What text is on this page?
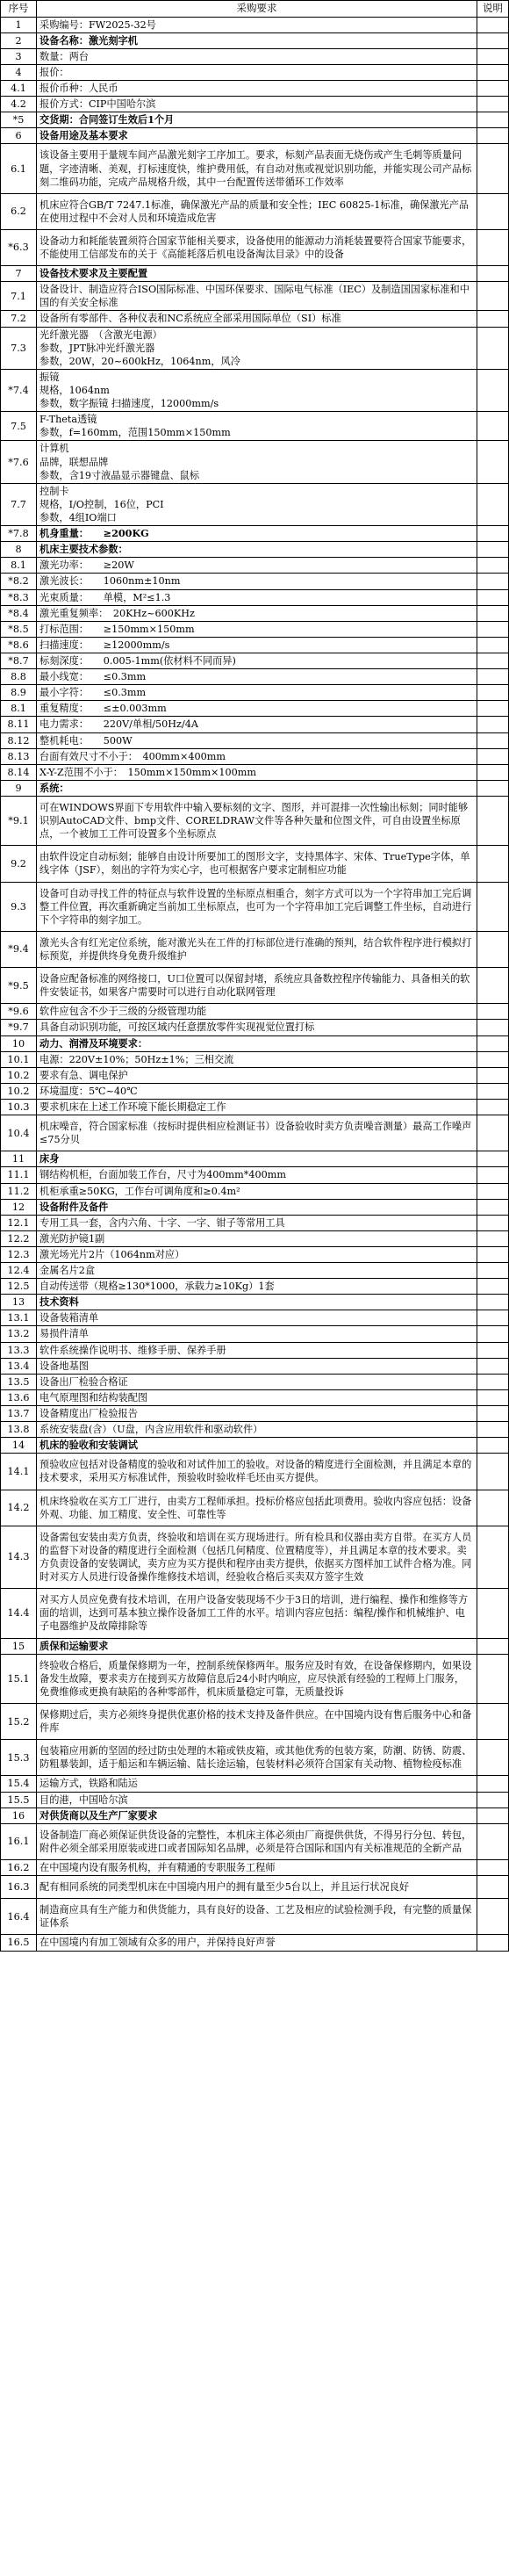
序号	采购要求	说明
1	采购编号：FW2025-32号	
2	设备名称：激光刻字机	
3	数量：两台	
4	报价：	
4.1	报价币种：人民币	
4.2	报价方式：CIP中国哈尔滨	
*5	交货期：合同签订生效后1个月	
6	设备用途及基本要求	
6.1	该设备主要用于量规车间产品激光刻字工序加工。要求，标刻产品表面无烧伤或产生毛刺等质量问题，字迹清晰、美观，打标速度快，维护费用低，有自动对焦或视觉识别功能，并能实现公司产品标刻二维码功能，完成产品规格升级，其中一台配置传送带循环工作效率	
6.2	机床应符合GB/T 7247.1标准，确保激光产品的质量和安全性；IEC 60825-1标准，确保激光产品在使用过程中不会对人员和环境造成危害	
*6.3	设备动力和耗能装置须符合国家节能相关要求，设备使用的能源动力消耗装置要符合国家节能要求，不能使用工信部发布的关于《高能耗落后机电设备淘汰目录》中的设备	
7	设备技术要求及主要配置	
7.1	设备设计、制造应符合ISO国际标准、中国环保要求、国际电气标准（IEC）及制造国国家标准和中国的有关安全标准	
7.2	设备所有零部件、各种仪表和NC系统应全部采用国际单位（SI）标准	
7.3	光纤激光器　（含激光电源）
参数，JPT脉冲光纤激光器
参数，20W，20~600kHz，1064nm，风冷	
*7.4	振镜
规格，1064nm
参数，数字振镜 扫描速度，12000mm/s	
7.5	F-Theta透镜
参数，f=160mm，范围150mm×150mm	
*7.6	计算机
品牌，联想品牌
参数，含19寸液晶显示器键盘、鼠标	
7.7	控制卡
规格，I/O控制，16位，PCI
参数，4组IO端口	
*7.8	机身重量：　　≥200KG	
8	机床主要技术参数：	
8.1	激光功率：　　≥20W	
*8.2	激光波长：　　1060nm±10nm	
*8.3	光束质量：　　单模，M²≤1.3	
*8.4	激光重复频率：　20KHz~600KHz	
*8.5	打标范围：　　≥150mm×150mm	
*8.6	扫描速度：　　≥12000mm/s	
*8.7	标刻深度：　　0.005-1mm(依材料不同而异)	
8.8	最小线宽：　　≤0.3mm	
8.9	最小字符：　　≤0.3mm	
8.1	重复精度：　　≤±0.003mm	
8.11	电力需求：　　220V/单相/50Hz/4A	
8.12	整机耗电：　　500W	
8.13	台面有效尺寸不小于：　400mm×400mm	
8.14	X-Y-Z范围不小于：　150mm×150mm×100mm	
9	系统：	
*9.1	可在WINDOWS界面下专用软件中输入要标刻的文字、图形，并可混排一次性输出标刻；同时能够识别AutoCAD文件、bmp文件、CORELDRAW文件等各种矢量和位图文件，可自由设置坐标原点，一个被加工工件可设置多个坐标原点	
9.2	由软件设定自动标刻；能够自由设计所要加工的图形文字，支持黑体字、宋体、TrueType字体，单线字体（JSF），刻出的字符为实心字，也可根据客户要求定制相应功能	
9.3	设备可自动寻找工件的特征点与软件设置的坐标原点相重合，刻字方式可以为一个字符串加工完后调整工件位置，再次重新确定当前加工坐标原点，也可为一个字符串加工完后调整工件坐标，自动进行下个字符串的刻字加工。	
*9.4	激光头含有红光定位系统，能对激光头在工件的打标部位进行准确的预判，结合软件程序进行模拟打标预览，并提供终身免费升级维护	
*9.5	设备应配备标准的网络接口，U口位置可以保留封堵，系统应具备数控程序传输能力、具备相关的软件安装证书，如果客户需要时可以进行自动化联网管理	
*9.6	软件应包含不少于三级的分级管理功能	
*9.7	具备自动识别功能，可按区域内任意摆放零件实现视觉位置打标	
10	动力、润滑及环境要求：	
10.1	电源：220V±10%；50Hz±1%；三相交流	
10.2	要求有急、调电保护	
10.2	环境温度：5℃~40℃	
10.3	要求机床在上述工作环境下能长期稳定工作	
10.4	机床噪音，符合国家标准（按标时提供相应检测证书）设备验收时卖方负责噪音测量）最高工作噪声≤75分贝	
11	床身	
11.1	钢结构机柜，台面加装工作台，尺寸为400mm*400mm	
11.2	机柜承重≥50KG，工作台可调角度和≥0.4m²	
12	设备附件及备件	
12.1	专用工具一套，含内六角、十字、一字、钳子等常用工具	
12.2	激光防护镜1副	
12.3	激光场光片2片（1064nm对应）	
12.4	金属名片2盒	
12.5	自动传送带（规格≥130*1000，承载力≥10Kg）1套	
13	技术资料	
13.1	设备装箱清单	
13.2	易损件清单	
13.3	软件系统操作说明书、维修手册、保养手册	
13.4	设备地基图	
13.5	设备出厂检验合格证	
13.6	电气原理图和结构装配图	
13.7	设备精度出厂检验报告	
13.8	系统安装盘(含）（U盘，内含应用软件和驱动软件）	
14	机床的验收和安装调试	
14.1	预验收应包括对设备精度的验收和对试件加工的验收。对设备的精度进行全面检测，并且满足本章的技术要求，采用买方标准试件，预验收时验收样毛坯由买方提供。	
14.2	机床终验收在买方工厂进行，由卖方工程师承担。投标价格应包括此项费用。验收内容应包括：设备外观、功能、加工精度、安全性、可靠性等	
14.3	设备需包安装由卖方负责，终验收和培训在买方现场进行。所有检具和仪器由卖方自带。在买方人员的监督下对设备的精度进行全面检测（包括几何精度、位置精度等），并且满足本章的技术要求。卖方负责设备的安装调试，卖方应为买方提供和程序由卖方提供，依据买方图样加工试件合格为准。同时对买方人员进行设备操作维修技术培训，经验收合格后买卖双方签字生效	
14.4	对买方人员应免费有技术培训，在用户设备安装现场不少于3日的培训，进行编程、操作和维修等方面的培训，达到可基本独立操作设备加工工件的水平。培训内容应包括：编程/操作和机械维护、电子电器维护及故障排除等	
15	质保和运输要求	
15.1	终验收合格后，质量保修期为一年，控制系统保修两年。服务应及时有效，在设备保修期内，如果设备发生故障，要求卖方在接到买方故障信息后24小时内响应，应尽快派有经验的工程师上门服务，免费维修或更换有缺陷的各种零部件，机床质量稳定可靠，无质量投诉	
15.2	保修期过后，卖方必须终身提供优惠价格的技术支持及备件供应。在中国境内设有售后服务中心和备件库	
15.3	包装箱应用新的坚固的经过防虫处理的木箱或铁皮箱，或其他优秀的包装方案，防潮、防锈、防震、防粗暴装卸，适于船运和车辆运输、陆长途运输，包装材料必须符合国家有关动物、植物检疫标准	
15.4	运输方式，铁路和陆运	
15.5	目的港，中国哈尔滨	
16	对供货商以及生产厂家要求	
16.1	设备制造厂商必须保证供货设备的完整性，本机床主体必须由厂商提供供货，不得另行分包、转包，附件必须全部采用原装或进口或者国际知名品牌，必须是符合国际和国内有关标准规范的全新产品	
16.2	在中国境内设有服务机构，并有精通的专职服务工程师	
16.3	配有相同系统的同类型机床在中国境内用户的拥有量至少5台以上，并且运行状况良好	
16.4	制造商应具有生产能力和供货能力，具有良好的设备、工艺及相应的试验检测手段，有完整的质量保证体系	
16.5	在中国境内有加工领域有众多的用户，并保持良好声誉	
